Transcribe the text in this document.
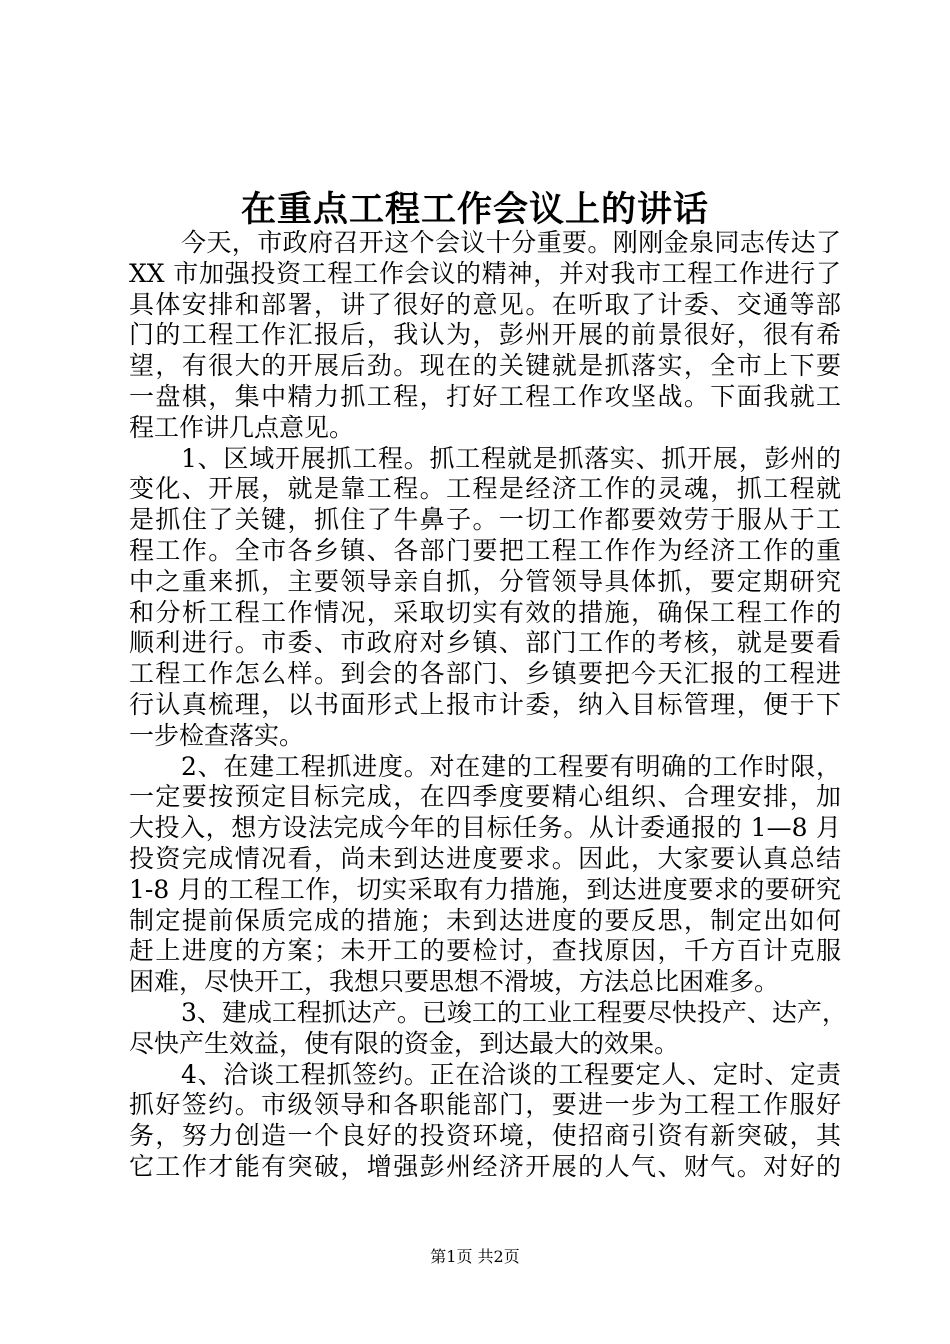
在重点工程工作会议上的讲话
今天，市政府召开这个会议十分重要。刚刚金泉同志传达了
XX 市加强投资工程工作会议的精神，并对我市工程工作进行了
具体安排和部署，讲了很好的意见。在听取了计委、交通等部
门的工程工作汇报后，我认为，彭州开展的前景很好，很有希
望，有很大的开展后劲。现在的关键就是抓落实，全市上下要
一盘棋，集中精力抓工程，打好工程工作攻坚战。下面我就工
程工作讲几点意见。
1、区域开展抓工程。抓工程就是抓落实、抓开展，彭州的
变化、开展，就是靠工程。工程是经济工作的灵魂，抓工程就
是抓住了关键，抓住了牛鼻子。一切工作都要效劳于服从于工
程工作。全市各乡镇、各部门要把工程工作作为经济工作的重
中之重来抓，主要领导亲自抓，分管领导具体抓，要定期研究
和分析工程工作情况，采取切实有效的措施，确保工程工作的
顺利进行。市委、市政府对乡镇、部门工作的考核，就是要看
工程工作怎么样。到会的各部门、乡镇要把今天汇报的工程进
行认真梳理，以书面形式上报市计委，纳入目标管理，便于下
一步检查落实。
2、在建工程抓进度。对在建的工程要有明确的工作时限，
一定要按预定目标完成，在四季度要精心组织、合理安排，加
大投入，想方设法完成今年的目标任务。从计委通报的 1—8 月
投资完成情况看，尚未到达进度要求。因此，大家要认真总结
1-8 月的工程工作，切实采取有力措施，到达进度要求的要研究
制定提前保质完成的措施；未到达进度的要反思，制定出如何
赶上进度的方案；未开工的要检讨，查找原因，千方百计克服
困难，尽快开工，我想只要思想不滑坡，方法总比困难多。
3、建成工程抓达产。已竣工的工业工程要尽快投产、达产，
尽快产生效益，使有限的资金，到达最大的效果。
4、洽谈工程抓签约。正在洽谈的工程要定人、定时、定责
抓好签约。市级领导和各职能部门，要进一步为工程工作服好
务，努力创造一个良好的投资环境，使招商引资有新突破，其
它工作才能有突破，增强彭州经济开展的人气、财气。对好的
第1页 共2页
